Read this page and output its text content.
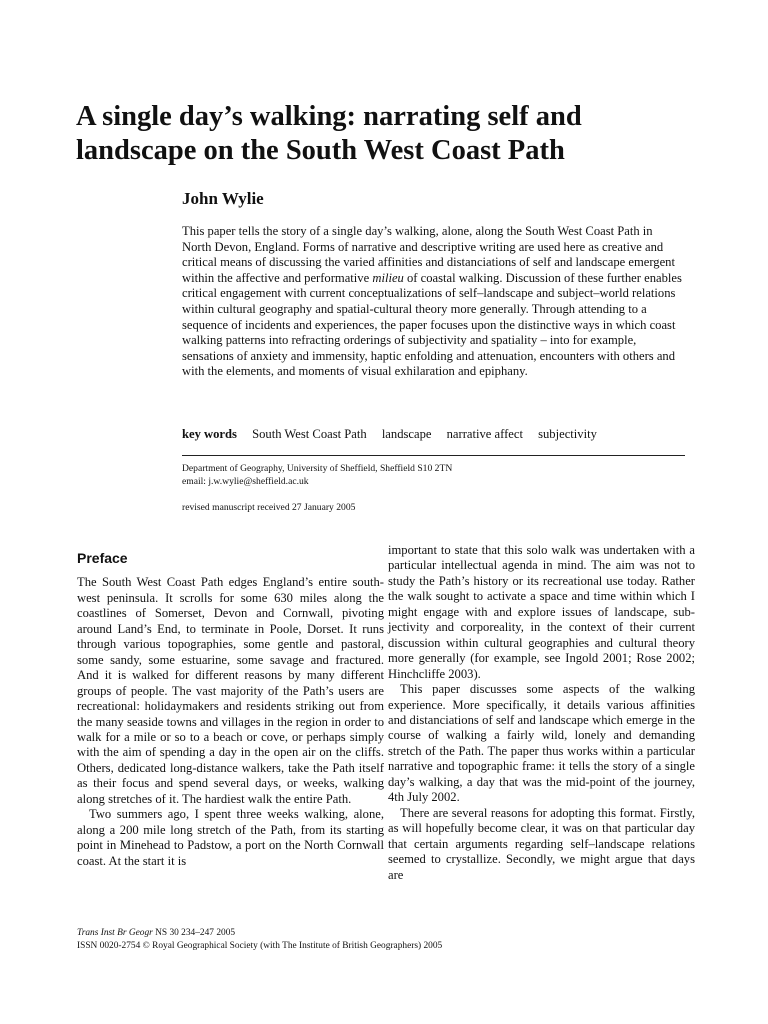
A single day’s walking: narrating self and landscape on the South West Coast Path
John Wylie

This paper tells the story of a single day’s walking, alone, along the South West Coast Path in North Devon, England. Forms of narrative and descriptive writing are used here as creative and critical means of discussing the varied affinities and distanciations of self and landscape emergent within the affective and performative milieu of coastal walking. Discussion of these further enables critical engagement with current conceptualizations of self–landscape and subject–world relations within cultural geography and spatial-cultural theory more generally. Through attending to a sequence of incidents and experiences, the paper focuses upon the distinctive ways in which coast walking patterns into refracting orderings of subjectivity and spatiality – into for example, sensations of anxiety and immensity, haptic enfolding and attenuation, encounters with others and with the elements, and moments of visual exhilaration and epiphany.

key words South West Coast Path landscape narrative affect subjectivity
Department of Geography, University of Sheffield, Sheffield S10 2TN
email: j.w.wylie@sheffield.ac.uk
revised manuscript received 27 January 2005
Preface

The South West Coast Path edges England’s entire south-west peninsula. It scrolls for some 630 miles along the coastlines of Somerset, Devon and Cornwall, pivoting around Land’s End, to terminate in Poole, Dorset. It runs through various topographies, some gentle and pastoral, some sandy, some estuarine, some savage and fractured. And it is walked for different reasons by many different groups of people. The vast majority of the Path’s users are recreational: holidaymakers and residents striking out from the many seaside towns and villages in the region in order to walk for a mile or so to a beach or cove, or perhaps simply with the aim of spending a day in the open air on the cliffs. Others, dedicated long-distance walkers, take the Path itself as their focus and spend several days, or weeks, walking along stretches of it. The hardiest walk the entire Path.

Two summers ago, I spent three weeks walking, alone, along a 200 mile long stretch of the Path, from its starting point in Minehead to Padstow, a port on the North Cornwall coast. At the start it is

important to state that this solo walk was undertaken with a particular intellectual agenda in mind. The aim was not to study the Path’s history or its recreational use today. Rather the walk sought to activate a space and time within which I might engage with and explore issues of landscape, subjectivity and corporeality, in the context of their current discussion within cultural geographies and cultural theory more generally (for example, see Ingold 2001; Rose 2002; Hinchcliffe 2003).

This paper discusses some aspects of the walking experience. More specifically, it details various affinities and distanciations of self and landscape which emerge in the course of walking a fairly wild, lonely and demanding stretch of the Path. The paper thus works within a particular narrative and topographic frame: it tells the story of a single day’s walking, a day that was the mid-point of the journey, 4th July 2002.

There are several reasons for adopting this format. Firstly, as will hopefully become clear, it was on that particular day that certain arguments regarding self–landscape relations seemed to crystallize. Secondly, we might argue that days are

Trans Inst Br Geogr NS 30 234–247 2005
ISSN 0020-2754 © Royal Geographical Society (with The Institute of British Geographers) 2005
